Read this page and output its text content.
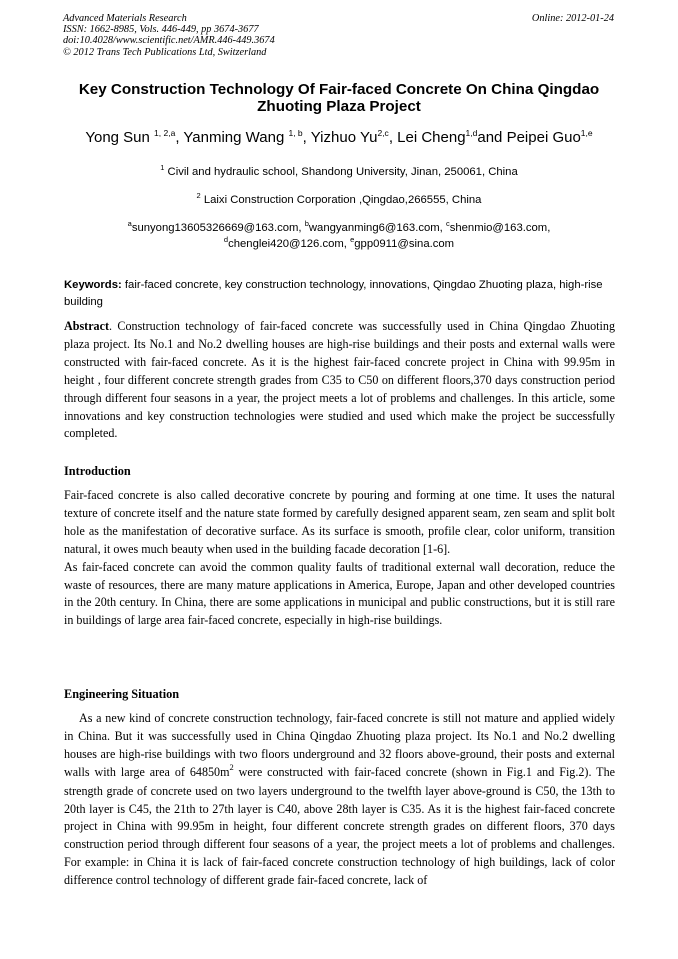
Advanced Materials Research
ISSN: 1662-8985, Vols. 446-449, pp 3674-3677
doi:10.4028/www.scientific.net/AMR.446-449.3674
© 2012 Trans Tech Publications Ltd, Switzerland
Online: 2012-01-24
Key Construction Technology Of Fair-faced Concrete On China Qingdao
Zhuoting Plaza Project
Yong Sun $^{1, 2,a}$, Yanming Wang $^{1, b}$, Yizhuo Yu$^{2,c}$, Lei Cheng$^{1,d}$and Peipei Guo$^{1,e}$
$^1$ Civil and hydraulic school, Shandong University, Jinan, 250061, China
$^2$ Laixi Construction Corporation ,Qingdao,266555, China
$^a$sunyong13605326669@163.com, $^b$wangyanming6@163.com, $^c$shenmio@163.com,
$^d$chenglei420@126.com, $^e$gpp0911@sina.com
Keywords: fair-faced concrete, key construction technology, innovations, Qingdao Zhuoting plaza, high-rise building

Abstract. Construction technology of fair-faced concrete was successfully used in China Qingdao Zhuoting plaza project. Its No.1 and No.2 dwelling houses are high-rise buildings and their posts and external walls were constructed with fair-faced concrete. As it is the highest fair-faced concrete project in China with 99.95m in height , four different concrete strength grades from C35 to C50 on different floors,370 days construction period through different four seasons in a year, the project meets a lot of problems and challenges. In this article, some innovations and key construction technologies were studied and used which make the project be successfully completed.

Introduction

Fair-faced concrete is also called decorative concrete by pouring and forming at one time. It uses the natural texture of concrete itself and the nature state formed by carefully designed apparent seam, zen seam and split bolt hole as the manifestation of decorative surface. As its surface is smooth, profile clear, color uniform, transition natural, it owes much beauty when used in the building facade decoration [1-6].

As fair-faced concrete can avoid the common quality faults of traditional external wall decoration, reduce the waste of resources, there are many mature applications in America, Europe, Japan and other developed countries in the 20th century. In China, there are some applications in municipal and public constructions, but it is still rare in buildings of large area fair-faced concrete, especially in high-rise buildings.

Engineering Situation

As a new kind of concrete construction technology, fair-faced concrete is still not mature and applied widely in China. But it was successfully used in China Qingdao Zhuoting plaza project. Its No.1 and No.2 dwelling houses are high-rise buildings with two floors underground and 32 floors above-ground, their posts and external walls with large area of $64850m^2$ were constructed with fair-faced concrete (shown in Fig.1 and Fig.2). The strength grade of concrete used on two layers underground to the twelfth layer above-ground is C50, the 13th to 20th layer is C45, the 21th to 27th layer is C40, above 28th layer is C35. As it is the highest fair-faced concrete project in China with 99.95m in height, four different concrete strength grades on different floors, 370 days construction period through different four seasons of a year, the project meets a lot of problems and challenges. For example: in China it is lack of fair-faced concrete construction technology of high buildings, lack of color difference control technology of different grade fair-faced concrete, lack of
